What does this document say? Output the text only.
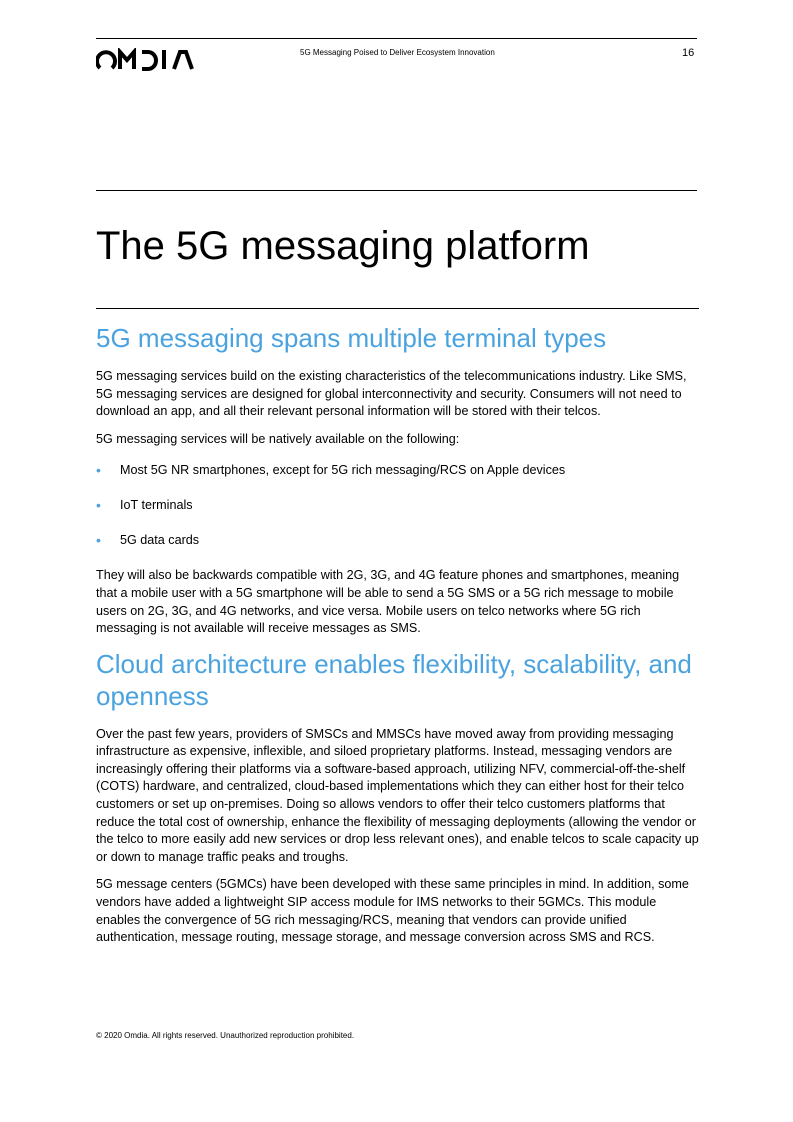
5G Messaging Poised to Deliver Ecosystem Innovation	16
The 5G messaging platform
5G messaging spans multiple terminal types

5G messaging services build on the existing characteristics of the telecommunications industry. Like SMS, 5G messaging services are designed for global interconnectivity and security. Consumers will not need to download an app, and all their relevant personal information will be stored with their telcos.

5G messaging services will be natively available on the following:

• Most 5G NR smartphones, except for 5G rich messaging/RCS on Apple devices
• IoT terminals
• 5G data cards

They will also be backwards compatible with 2G, 3G, and 4G feature phones and smartphones, meaning that a mobile user with a 5G smartphone will be able to send a 5G SMS or a 5G rich message to mobile users on 2G, 3G, and 4G networks, and vice versa. Mobile users on telco networks where 5G rich messaging is not available will receive messages as SMS.

Cloud architecture enables flexibility, scalability, and openness

Over the past few years, providers of SMSCs and MMSCs have moved away from providing messaging infrastructure as expensive, inflexible, and siloed proprietary platforms. Instead, messaging vendors are increasingly offering their platforms via a software-based approach, utilizing NFV, commercial-off-the-shelf (COTS) hardware, and centralized, cloud-based implementations which they can either host for their telco customers or set up on-premises. Doing so allows vendors to offer their telco customers platforms that reduce the total cost of ownership, enhance the flexibility of messaging deployments (allowing the vendor or the telco to more easily add new services or drop less relevant ones), and enable telcos to scale capacity up or down to manage traffic peaks and troughs.

5G message centers (5GMCs) have been developed with these same principles in mind. In addition, some vendors have added a lightweight SIP access module for IMS networks to their 5GMCs. This module enables the convergence of 5G rich messaging/RCS, meaning that vendors can provide unified authentication, message routing, message storage, and message conversion across SMS and RCS.

© 2020 Omdia. All rights reserved. Unauthorized reproduction prohibited.
